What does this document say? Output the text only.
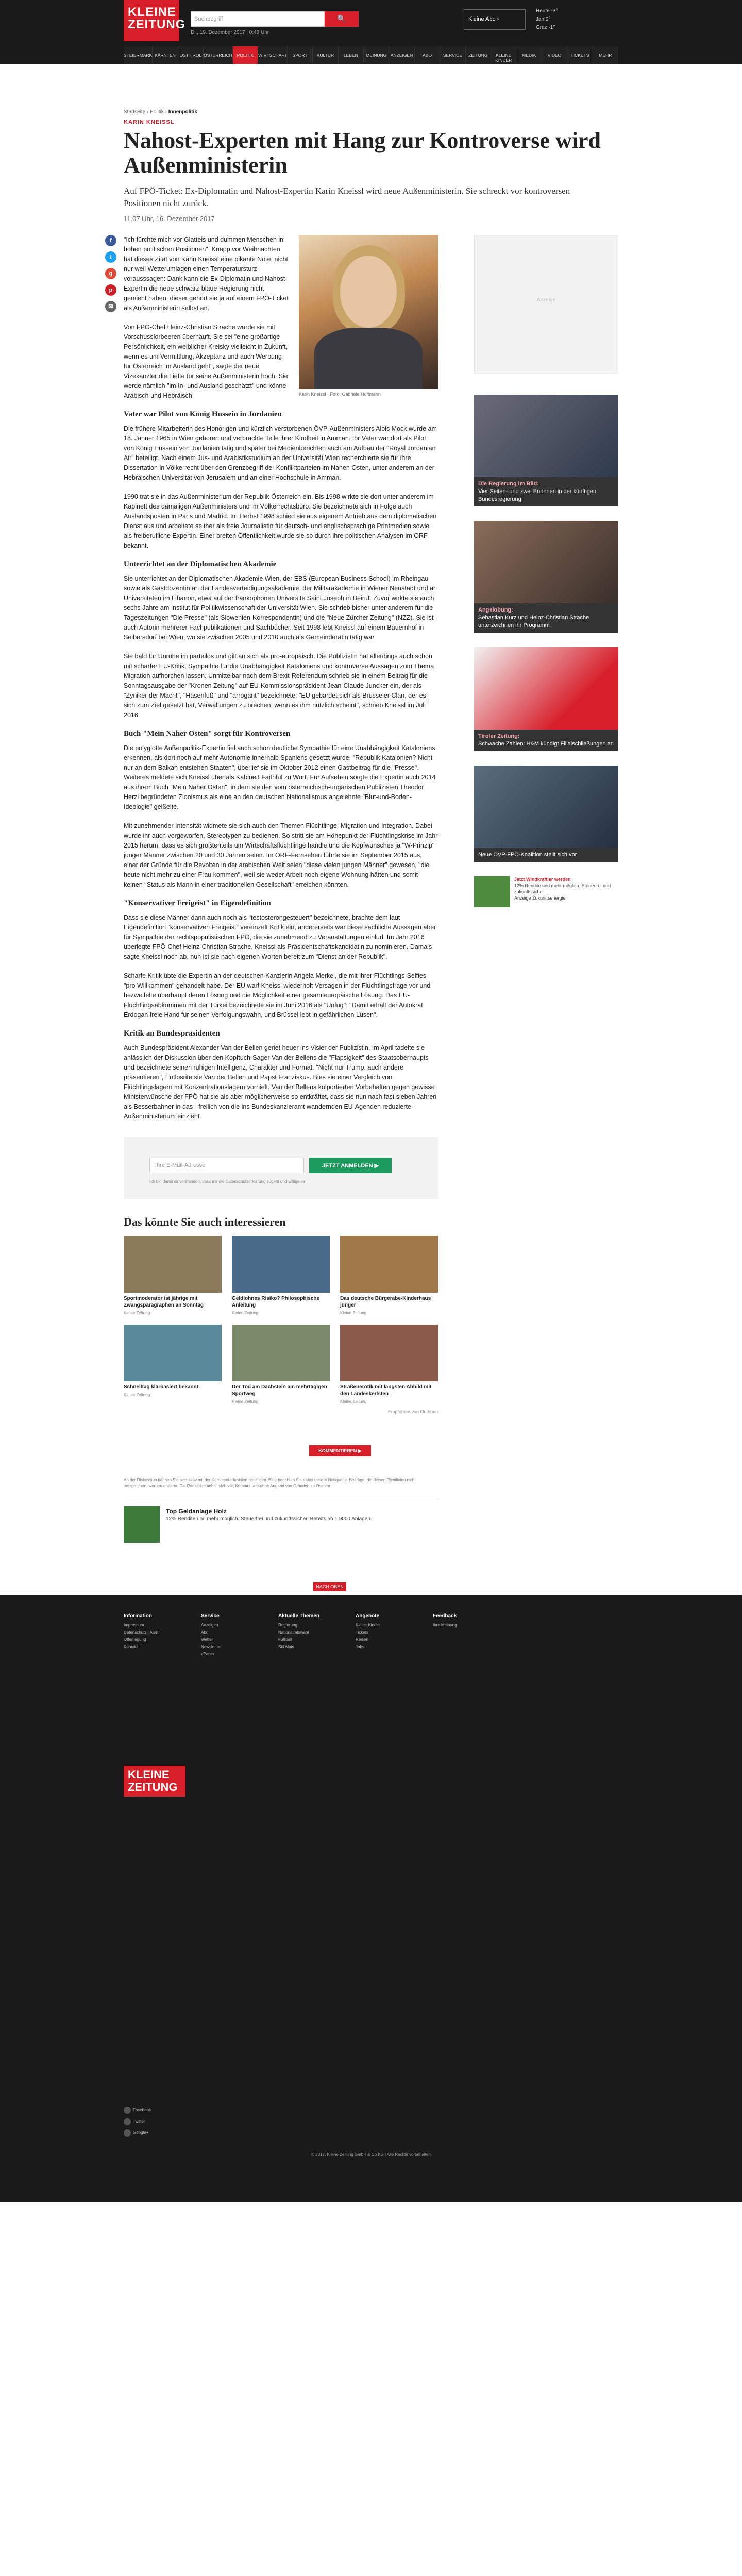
KLEINE
ZEITUNG	Suchbegriff	🔍
Di., 19. Dezember 2017 | 0:48 Uhr
Kleine Abo ›
Heute -3°
Jan 2°
Graz -1°
STEIERMARK KÄRNTEN OSTTIROL ÖSTERREICH	POLITIK	WIRTSCHAFT	SPORT	KULTUR	LEBEN	MEINUNG ANZEIGEN	ABO	SERVICE	ZEITUNG	KLEINE KINDER
MEDIA	VIDEO	TICKETS	MEHR
Startseite › Politik › Innenpolitik
KARIN KNEISSL
Nahost-Experten mit Hang zur Kontroverse wird Außenministerin
Auf FPÖ-Ticket: Ex-Diplomatin und Nahost-Expertin Karin Kneissl wird neue Außenministerin. Sie schreckt vor kontroversen Positionen nicht zurück.
11.07 Uhr, 16. Dezember 2017
f
t
g
p
✉
Karin Kneissl · Foto: Gabriele Hoffmann

"Ich fürchte mich vor Glatteis und dummen Menschen in hohen politischen Positionen": Knapp vor Weihnachten hat dieses Zitat von Karin Kneissl eine pikante Note, nicht nur weil Wetterumlagen einen Temperatursturz vorausssagen: Dank kann die Ex-Diplomatin und Nahost-Expertin die neue schwarz-blaue Regierung nicht gemieht haben, dieser gehört sie ja auf einem FPÖ-Ticket als Außenministerin selbst an.

Von FPÖ-Chef Heinz-Christian Strache wurde sie mit Vorschusslorbeeren überhäuft. Sie sei "eine großartige Persönlichkeit, ein weiblicher Kreisky vielleicht in Zukunft, wenn es um Vermittlung, Akzeptanz und auch Werbung für Österreich im Ausland geht", sagte der neue Vizekanzler die Liefte für seine Außenministerin hoch. Sie werde nämlich "im In- und Ausland geschätzt" und könne Arabisch und Hebräisch.

Vater war Pilot von König Hussein in Jordanien

Die frühere Mitarbeiterin des Honorigen und kürzlich verstorbenen ÖVP-Außenministers Alois Mock wurde am 18. Jänner 1965 in Wien geboren und verbrachte Teile ihrer Kindheit in Amman. Ihr Vater war dort als Pilot von König Hussein von Jordanien tätig und später bei Medienberichten auch am Aufbau der "Royal Jordanian Air" beteiligt. Nach einem Jus- und Arabistikstudium an der Universität Wien recherchierte sie für ihre Dissertation in Völkerrecht über den Grenzbegriff der Konfliktparteien im Nahen Osten, unter anderem an der Hebräischen Universität von Jerusalem und an einer Hochschule in Amman.

1990 trat sie in das Außenministerium der Republik Österreich ein. Bis 1998 wirkte sie dort unter anderem im Kabinett des damaligen Außenministers und im Völkerrechtsbüro. Sie bezeichnete sich in Folge auch Auslandsposten in Paris und Madrid. Im Herbst 1998 schied sie aus eigenem Antrieb aus dem diplomatischen Dienst aus und arbeitete seither als freie Journalistin für deutsch- und englischsprachige Printmedien sowie als freiberufliche Expertin. Einer breiten Öffentlichkeit wurde sie so durch ihre politischen Analysen im ORF bekannt.

Unterrichtet an der Diplomatischen Akademie

Sie unterrichtet an der Diplomatischen Akademie Wien, der EBS (European Business School) im Rheingau sowie als Gastdozentin an der Landesverteidigungsakademie, der Militärakademie in Wiener Neustadt und an Universitäten im Libanon, etwa auf der frankophonen Universite Saint Joseph in Beirut. Zuvor wirkte sie auch sechs Jahre am Institut für Politikwissenschaft der Universität Wien. Sie schrieb bisher unter anderem für die Tageszeitungen "Die Presse" (als Slowenien-Korrespondentin) und die "Neue Zürcher Zeitung" (NZZ). Sie ist auch Autorin mehrerer Fachpublikationen und Sachbücher. Seit 1998 lebt Kneissl auf einem Bauernhof in Seibersdorf bei Wien, wo sie zwischen 2005 und 2010 auch als Gemeinderätin tätig war.

Sie bald für Unruhe im parteilos und gilt an sich als pro-europäisch. Die Publizistin hat allerdings auch schon mit scharfer EU-Kritik, Sympathie für die Unabhängigkeit Kataloniens und kontroverse Aussagen zum Thema Migration aufhorchen lassen. Unmittelbar nach dem Brexit-Referendum schrieb sie in einem Beitrag für die Sonntagsausgabe der "Kronen Zeitung" auf EU-Kommissionspräsident Jean-Claude Juncker ein, der als "Zyniker der Macht", "Hasenfuß" und "arrogant" bezeichnete. "EU gebärdet sich als Brüsseler Clan, der es sich zum Ziel gesetzt hat, Verwaltungen zu brechen, wenn es ihm nützlich scheint", schrieb Kneissl im Juli 2016.

Buch "Mein Naher Osten" sorgt für Kontroversen

Die polyglotte Außenpolitik-Expertin fiel auch schon deutliche Sympathie für eine Unabhängigkeit Kataloniens erkennen, als dort noch auf mehr Autonomie innerhalb Spaniens gesetzt wurde. "Republik Katalonien? Nicht nur an dem Balkan entstehen Staaten", überlief sie im Oktober 2012 einen Gastbeitrag für die "Presse". Weiteres meldete sich Kneissl über als Kabinett Faithful zu Wort. Für Aufsehen sorgte die Expertin auch 2014 aus ihrem Buch "Mein Naher Osten", in dem sie den vom österreichisch-ungarischen Publizisten Theodor Herzl begründeten Zionismus als eine an den deutschen Nationalismus angelehnte "Blut-und-Boden-Ideologie" geißelte.

Mit zunehmender Intensität widmete sie sich auch den Themen Flüchtlinge, Migration und Integration. Dabei wurde ihr auch vorgeworfen, Stereotypen zu bedienen. So stritt sie am Höhepunkt der Flüchtlingskrise im Jahr 2015 herum, dass es sich größtenteils um Wirtschaftsflüchtlinge handle und die Kopfwunsches ja "W-Prinzip" junger Männer zwischen 20 und 30 Jahren seien. Im ORF-Fernsehen führte sie im September 2015 aus, einer der Gründe für die Revolten in der arabischen Welt seien "diese vielen jungen Männer" gewesen, "die heute nicht mehr zu einer Frau kommen", weil sie weder Arbeit noch eigene Wohnung hätten und somit keinen "Status als Mann in einer traditionellen Gesellschaft" erreichen könnten.

"Konservativer Freigeist" in Eigendefinition

Dass sie diese Männer dann auch noch als "testosterongesteuert" bezeichnete, brachte dem laut Eigendefinition "konservativen Freigeist" vereinzelt Kritik ein, andererseits war diese sachliche Aussagen aber für Sympathie der rechtspopulistischen FPÖ, die sie zunehmend zu Veranstaltungen einlud. Im Jahr 2016 überlegte FPÖ-Chef Heinz-Christian Strache, Kneissl als Präsidentschaftskandidatin zu nominieren. Damals sagte Kneissl noch ab, nun ist sie nach eigenen Worten bereit zum "Dienst an der Republik".

Scharfe Kritik übte die Expertin an der deutschen Kanzlerin Angela Merkel, die mit ihrer Flüchtlings-Selfies "pro Willkommen" gehandelt habe. Der EU warf Kneissl wiederholt Versagen in der Flüchtlingsfrage vor und bezweifelte überhaupt deren Lösung und die Möglichkeit einer gesamteuropäische Lösung. Das EU-Flüchtlingsabkommen mit der Türkei bezeichnete sie im Juni 2016 als "Unfug": "Damit erhält der Autokrat Erdogan freie Hand für seinen Verfolgungswahn, und Brüssel lebt in gefährlichen Lüsen".

Kritik an Bundespräsidenten

Auch Bundespräsident Alexander Van der Bellen geriet heuer ins Visier der Publizistin. Im April tadelte sie anlässlich der Diskussion über den Kopftuch-Sager Van der Bellens die "Flapsigkeit" des Staatsoberhaupts und bezeichnete seinen ruhigen Intelligenz, Charakter und Format. "Nicht nur Trump, auch andere präsentieren", Entlosrite sie Van der Bellen und Papst Franziskus. Bies sie einer Vergleich von Flüchtlingslagern mit Konzentrationslagern vorhielt. Van der Bellens kolportierten Vorbehalten gegen gewisse Ministerwünsche der FPÖ hat sie als aber möglicherweise so entkräftet, dass sie nun nach fast sieben Jahren als Besserbahner in das - freilich von die ins Bundeskanzleramt wandernden EU-Agenden reduzierte - Außenministerium einzieht.

Ihre E-Mail-Adresse	JETZT ANMELDEN ▶
Ich bin damit einverstanden, dass mir die Datenschutzerklärung zugeht und willige ein.
Das könnte Sie auch interessieren
Sportmoderator ist jährige mit Zwangsparagraphen an Sonntag
Kleine Zeitung
Geldlohnes Risiko? Philosophische Anleitung
Kleine Zeitung
Das deutsche Bürgerabe-Kinderhaus jünger
Kleine Zeitung
Schnelltag klärbasiert bekannt
Kleine Zeitung
Der Tod am Dachstein am mehrtägigen Sportweg
Kleine Zeitung
Straßenerotik mit längsten Abbild mit den Landeskerlsten
Kleine Zeitung
Empfohlen von Outbrain
KOMMENTIEREN ▶
An der Diskussion können Sie sich aktiv mit der Kommentarfunktion beteiligen. Bitte beachten Sie dabei unsere Netiquette. Beiträge, die diesen Richtlinien nicht entsprechen, werden entfernt. Die Redaktion behält sich vor, Kommentare ohne Angabe von Gründen zu löschen.
Top Geldanlage Holz
12% Rendite und mehr möglich. Steuerfrei und zukunftssicher. Bereits ab 1.9000 Anlagen.
Anzeige
Die Regierung im Bild:
Vier Seiten- und zwei Ennnnen in der künftigen Bundesregierung
Angelobung:
Sebastian Kurz und Heinz-Christian Strache unterzeichnen ihr Programm
Tiroler Zeitung:
Schwache Zahlen: H&M kündigt Filialschließungen an
Neue ÖVP-FPÖ-Koalition stellt sich vor
Jetzt Windkraftler werden
12% Rendite und mehr möglich. Steuerfrei und zukunftssicher
Anzeige Zukunftsenergie
NACH OBEN ▲
Information
Impressum
Datenschutz | AGB
Offenlegung
Kontakt
Service
Anzeigen
Abo
Wetter
Newsletter
ePaper
Aktuelle Themen
Regierung
Nationalratswahl
Fußball
Ski Alpin
Angebote
Kleine Kinder
Tickets
Reisen
Jobs
Feedback
Ihre Meinung
KLEINE
ZEITUNG
Facebook
Twitter
Google+
© 2017, Kleine Zeitung GmbH & Co KG | Alle Rechte vorbehalten
